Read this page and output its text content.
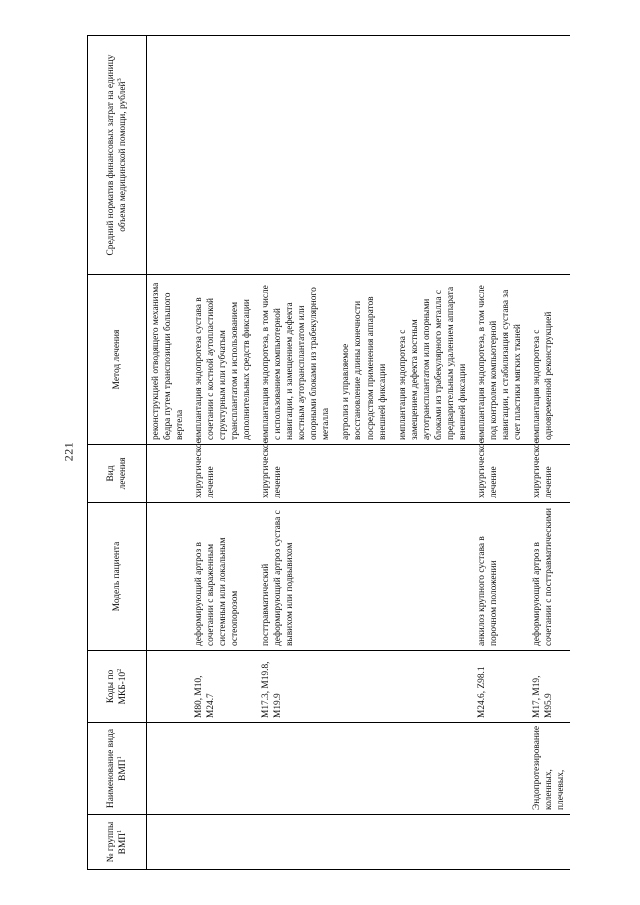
221
№ группы ВМП$^1$	Наименование вида ВМП$^1$	Коды по МКБ-$10^2$	Модель пациента	Вид лечения	Метод лечения	Средний норматив финансовых затрат на единицу объема медицинской помощи, рублей$^3$

					реконструкцией отводящего механизма бедра путем транспозиции большого вертела	

		M80, M10, M24.7	деформирующий артроз в сочетании с выраженным системным или локальным остеопорозом	хирургическое лечение	имплантация эндопротеза сустава в сочетании с костной аутопластикой структурным или губчатым трансплантатом и использованием дополнительных средств фиксации	

		M17.3, M19.8, M19.9	посттравматический деформирующий артроз сустава с вывихом или подвывихом	хирургическое лечение	имплантация эндопротеза, в том числе с использованием компьютерной навигации, и замещением дефекта костным аутотрансплантатом или опорными блоками из трабекулярного металла артролиз и управляемое восстановление длины конечности посредством применения аппаратов внешней фиксации имплантация эндопротеза с замещением дефекта костным аутотрансплантатом или опорными блоками из трабекулярного металла с предварительным удалением аппарата внешней фиксации	

		M24.6, Z98.1	анкилоз крупного сустава в порочном положении	хирургическое лечение	имплантация эндопротеза, в том числе под контролем компьютерной навигации, и стабилизация сустава за счет пластики мягких тканей	

	Эндопротезирование коленных, плечевых,	M17, M19, M95.9	деформирующий артроз в сочетании с посттравматическими	хирургическое лечение	имплантация эндопротеза с одновременной реконструкцией	
